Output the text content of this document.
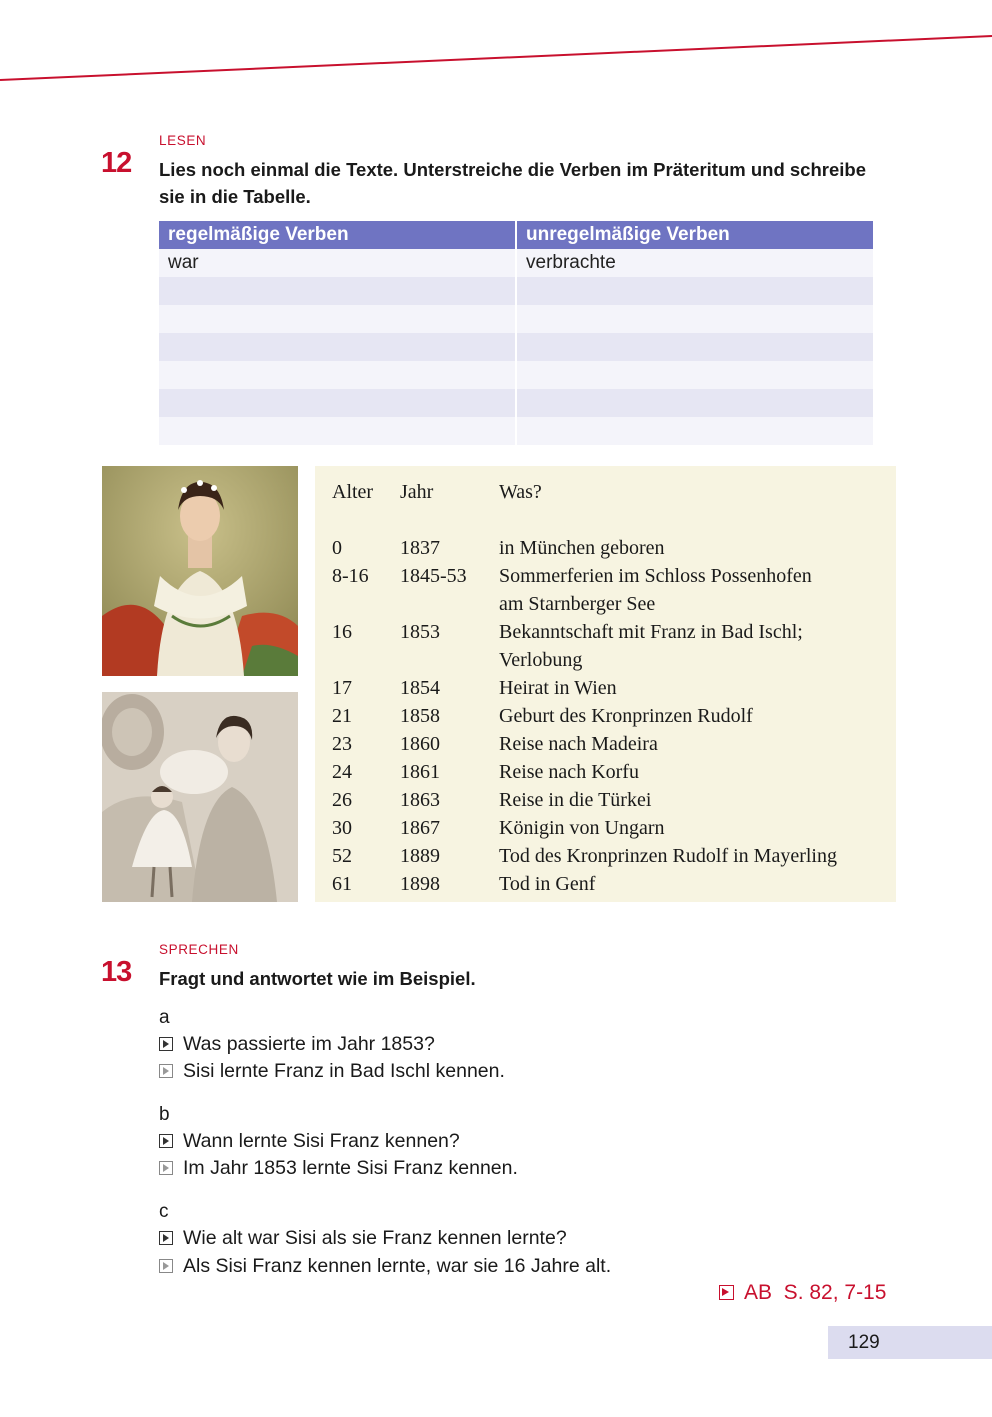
LESEN
12 Lies noch einmal die Texte. Unterstreiche die Verben im Präteritum und schreibe
sie in die Tabelle.
regelmäßige Verben	unregelmäßige Verben
war	verbrachte

Alter Jahr	Was?
0	1837	in München geboren
8-16 1845-53 Sommerferien im Schloss Possenhofen
am Starnberger See
16 1853	Bekanntschaft mit Franz in Bad Ischl;
Verlobung
17 1854	Heirat in Wien
21 1858	Geburt des Kronprinzen Rudolf
23 1860	Reise nach Madeira
24 1861	Reise nach Korfu
26 1863	Reise in die Türkei
30 1867	Königin von Ungarn
52 1889	Tod des Kronprinzen Rudolf in Mayerling
61 1898	Tod in Genf
SPRECHEN
13 Fragt und antwortet wie im Beispiel.
a
Was passierte im Jahr 1853?
Sisi lernte Franz in Bad Ischl kennen.
b
Wann lernte Sisi Franz kennen?
Im Jahr 1853 lernte Sisi Franz kennen.
c
Wie alt war Sisi als sie Franz kennen lernte?
Als Sisi Franz kennen lernte, war sie 16 Jahre alt.
AB  S. 82, 7-15
129
